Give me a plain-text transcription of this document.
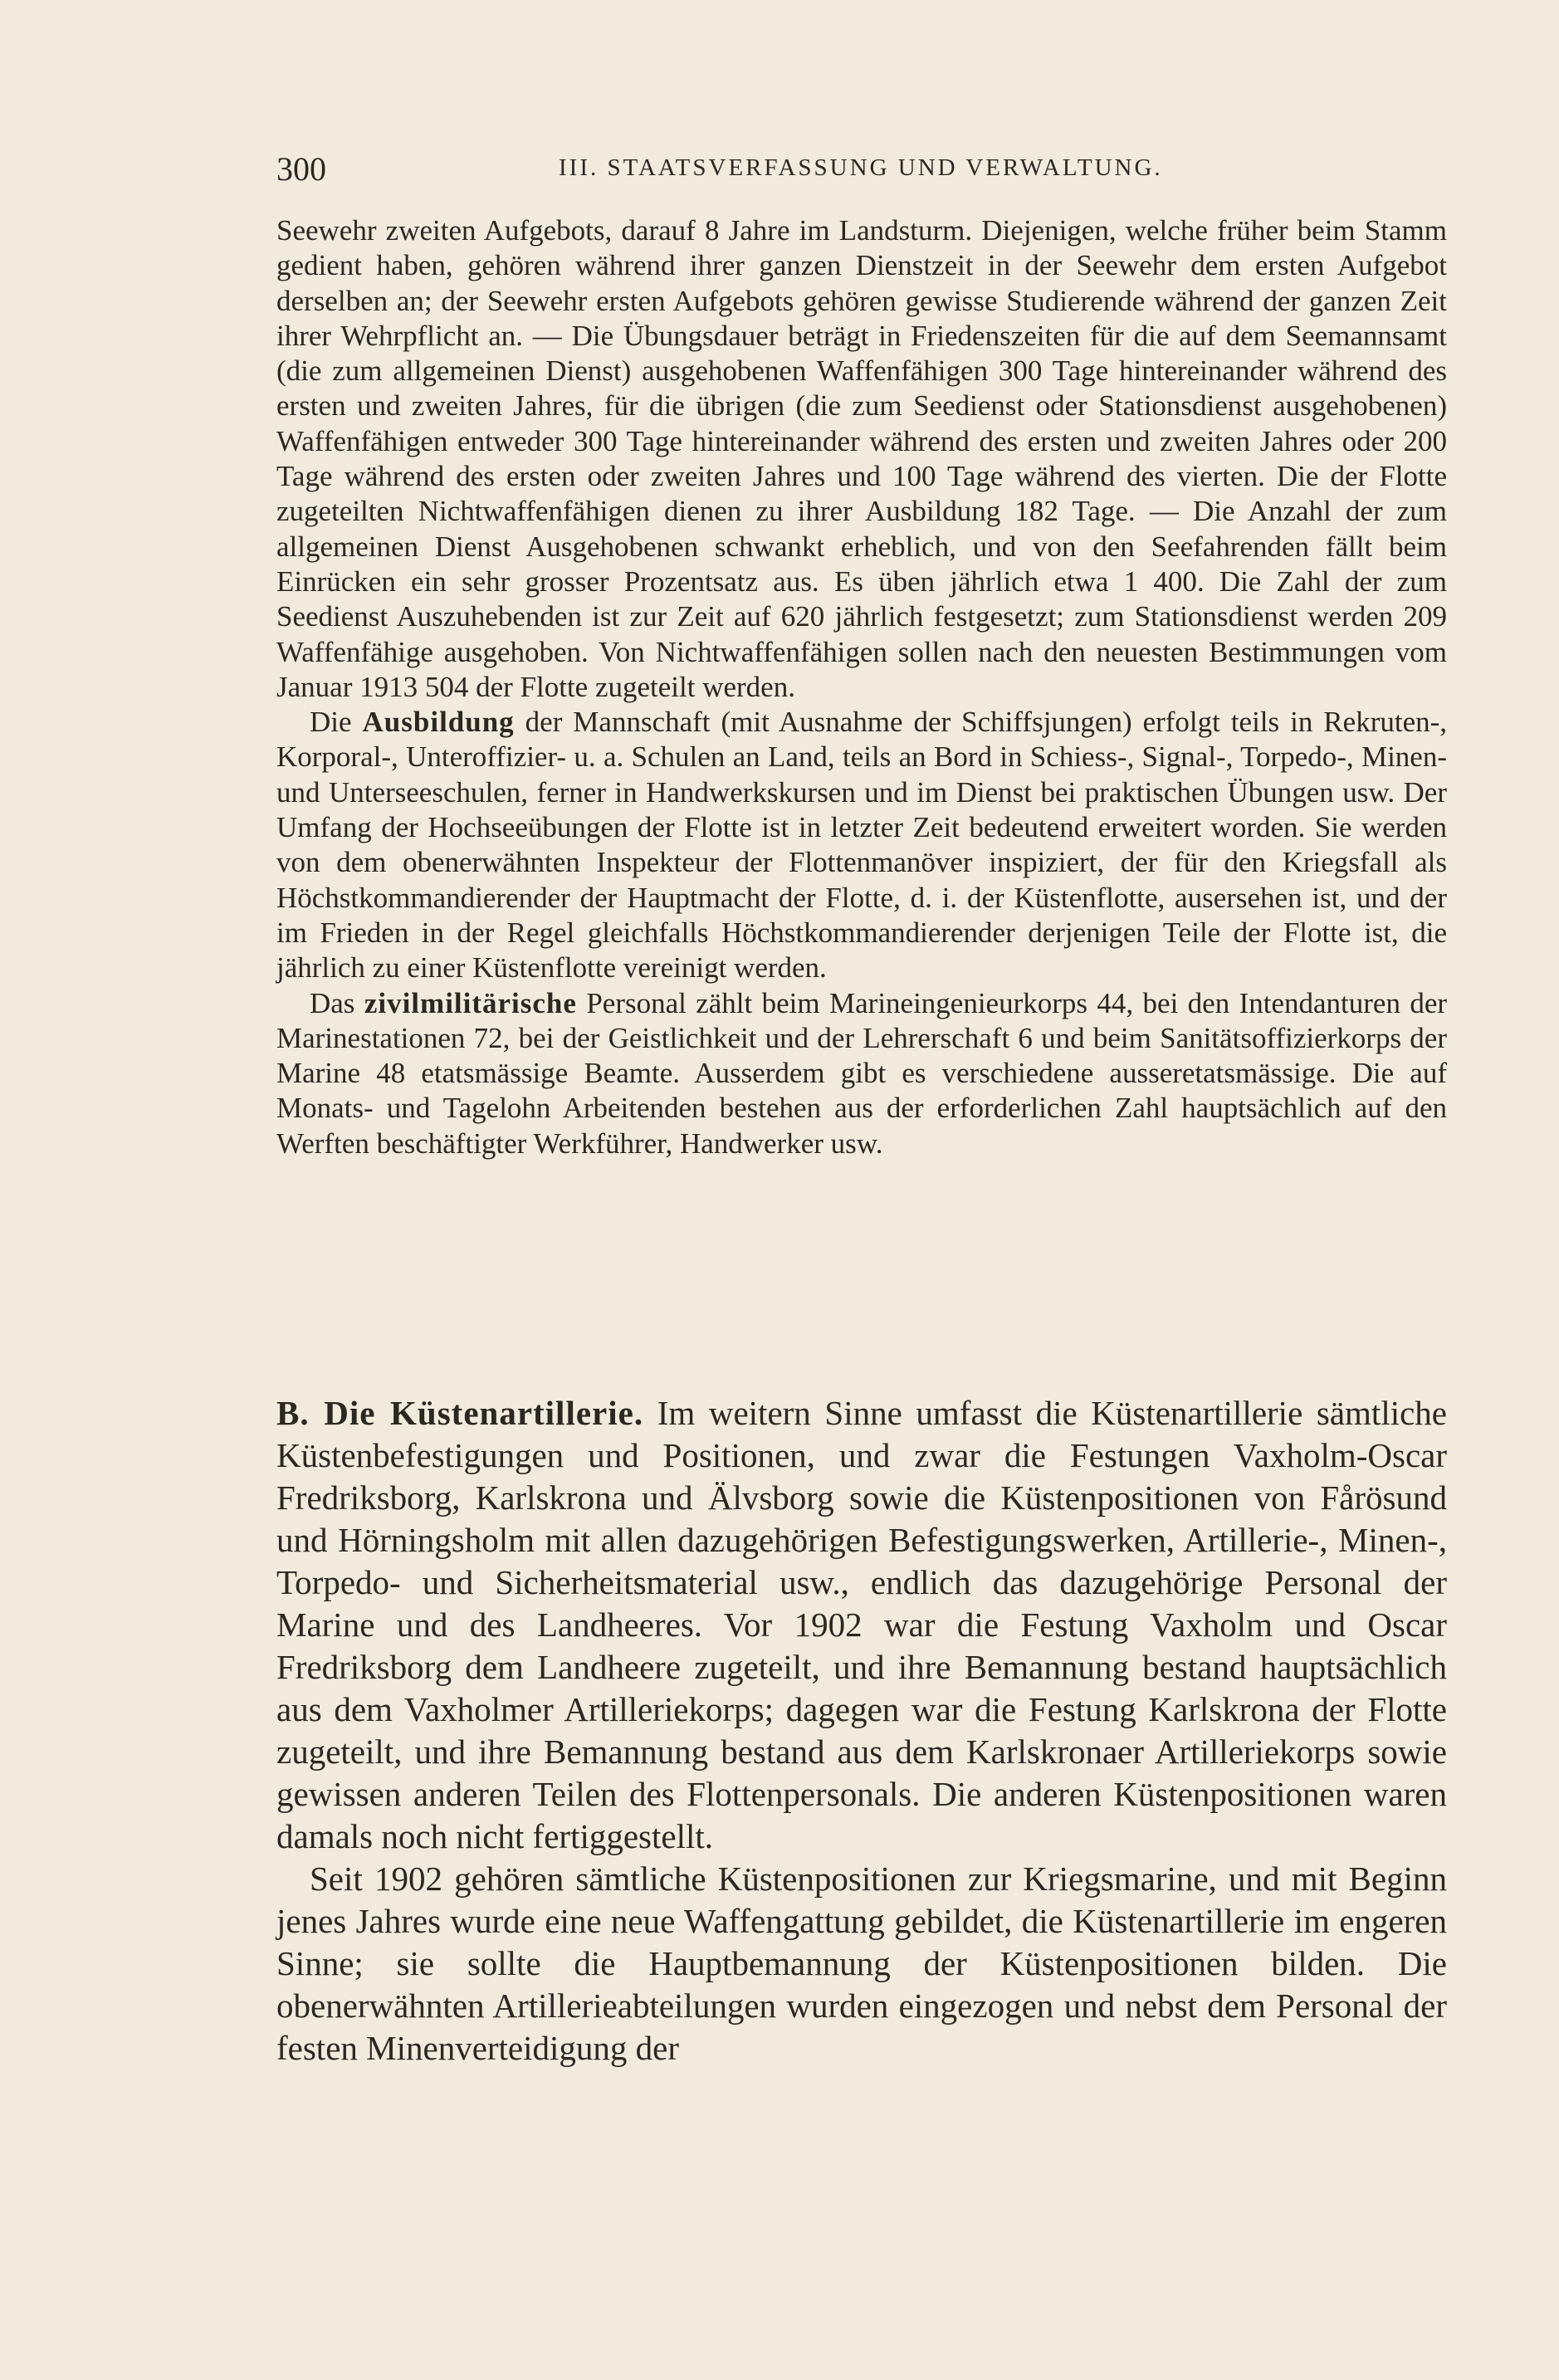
300	III. STAATSVERFASSUNG UND VERWALTUNG.

Seewehr zweiten Aufgebots, darauf 8 Jahre im Landsturm. Diejenigen, welche früher beim Stamm gedient haben, gehören während ihrer ganzen Dienstzeit in der Seewehr dem ersten Aufgebot derselben an; der Seewehr ersten Aufgebots gehören gewisse Studierende während der ganzen Zeit ihrer Wehrpflicht an. — Die Übungsdauer beträgt in Friedenszeiten für die auf dem Seemannsamt (die zum allgemeinen Dienst) ausgehobenen Waffenfähigen 300 Tage hintereinander während des ersten und zweiten Jahres, für die übrigen (die zum Seedienst oder Stationsdienst ausgehobenen) Waffenfähigen entweder 300 Tage hintereinander während des ersten und zweiten Jahres oder 200 Tage während des ersten oder zweiten Jahres und 100 Tage während des vierten. Die der Flotte zugeteilten Nichtwaffenfähigen dienen zu ihrer Ausbildung 182 Tage. — Die Anzahl der zum allgemeinen Dienst Ausgehobenen schwankt erheblich, und von den Seefahrenden fällt beim Einrücken ein sehr grosser Prozentsatz aus. Es üben jährlich etwa 1 400. Die Zahl der zum Seedienst Auszuhebenden ist zur Zeit auf 620 jährlich festgesetzt; zum Stationsdienst werden 209 Waffenfähige ausgehoben. Von Nichtwaffenfähigen sollen nach den neuesten Bestimmungen vom Januar 1913 504 der Flotte zugeteilt werden.

Die Ausbildung der Mannschaft (mit Ausnahme der Schiffsjungen) erfolgt teils in Rekruten-, Korporal-, Unteroffizier- u. a. Schulen an Land, teils an Bord in Schiess-, Signal-, Torpedo-, Minen- und Unterseeschulen, ferner in Handwerkskursen und im Dienst bei praktischen Übungen usw. Der Umfang der Hochseeübungen der Flotte ist in letzter Zeit bedeutend erweitert worden. Sie werden von dem obenerwähnten Inspekteur der Flottenmanöver inspiziert, der für den Kriegsfall als Höchstkommandierender der Hauptmacht der Flotte, d. i. der Küstenflotte, ausersehen ist, und der im Frieden in der Regel gleichfalls Höchstkommandierender derjenigen Teile der Flotte ist, die jährlich zu einer Küstenflotte vereinigt werden.

Das zivilmilitärische Personal zählt beim Marineingenieurkorps 44, bei den Intendanturen der Marinestationen 72, bei der Geistlichkeit und der Lehrerschaft 6 und beim Sanitätsoffizierkorps der Marine 48 etatsmässige Beamte. Ausserdem gibt es verschiedene ausseretatsmässige. Die auf Monats- und Tagelohn Arbeitenden bestehen aus der erforderlichen Zahl hauptsächlich auf den Werften beschäftigter Werkführer, Handwerker usw.

B. Die Küstenartillerie. Im weitern Sinne umfasst die Küstenartillerie sämtliche Küstenbefestigungen und Positionen, und zwar die Festungen Vaxholm-Oscar Fredriksborg, Karlskrona und Älvsborg sowie die Küstenpositionen von Fårösund und Hörningsholm mit allen dazugehörigen Befestigungswerken, Artillerie-, Minen-, Torpedo- und Sicherheitsmaterial usw., endlich das dazugehörige Personal der Marine und des Landheeres. Vor 1902 war die Festung Vaxholm und Oscar Fredriksborg dem Landheere zugeteilt, und ihre Bemannung bestand hauptsächlich aus dem Vaxholmer Artilleriekorps; dagegen war die Festung Karlskrona der Flotte zugeteilt, und ihre Bemannung bestand aus dem Karlskronaer Artilleriekorps sowie gewissen anderen Teilen des Flottenpersonals. Die anderen Küstenpositionen waren damals noch nicht fertiggestellt.

Seit 1902 gehören sämtliche Küstenpositionen zur Kriegsmarine, und mit Beginn jenes Jahres wurde eine neue Waffengattung gebildet, die Küstenartillerie im engeren Sinne; sie sollte die Hauptbemannung der Küstenpositionen bilden. Die obenerwähnten Artillerieabteilungen wurden eingezogen und nebst dem Personal der festen Minenverteidigung der
